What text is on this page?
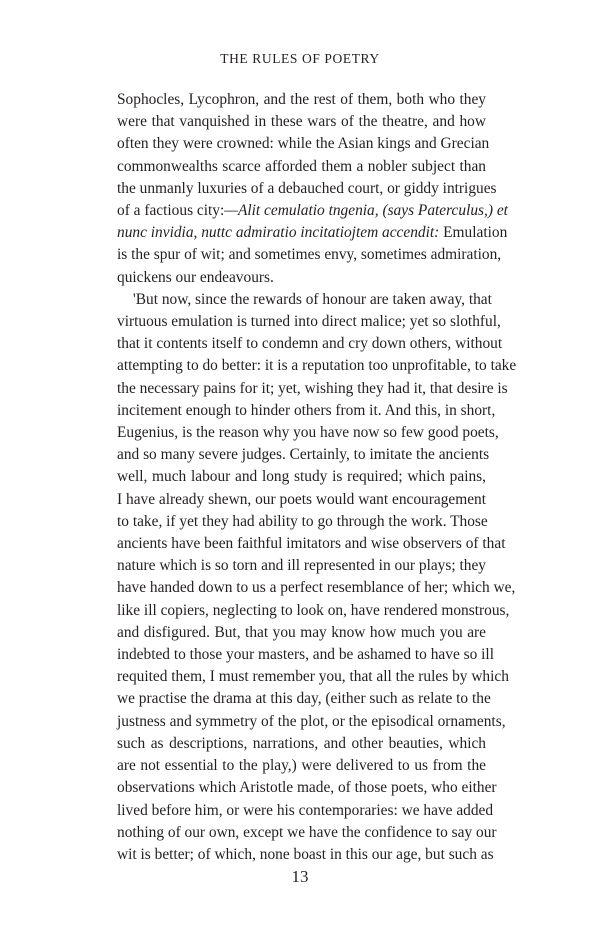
THE RULES OF POETRY

Sophocles, Lycophron, and the rest of them, both who they
were that vanquished in these wars of the theatre, and how
often they were crowned: while the Asian kings and Grecian
commonwealths scarce afforded them a nobler subject than
the unmanly luxuries of a debauched court, or giddy intrigues
of a factious city:—Alit cemulatio tngenia, (says Paterculus,) et
nunc invidia, nuttc admiratio incitatiojtem accendit: Emulation
is the spur of wit; and sometimes envy, sometimes admiration,
quickens our endeavours.

'But now, since the rewards of honour are taken away, that
virtuous emulation is turned into direct malice; yet so slothful,
that it contents itself to condemn and cry down others, without
attempting to do better: it is a reputation too unprofitable, to take
the necessary pains for it; yet, wishing they had it, that desire is
incitement enough to hinder others from it. And this, in short,
Eugenius, is the reason why you have now so few good poets,
and so many severe judges. Certainly, to imitate the ancients
well, much labour and long study is required; which pains,
I have already shewn, our poets would want encouragement
to take, if yet they had ability to go through the work. Those
ancients have been faithful imitators and wise observers of that
nature which is so torn and ill represented in our plays; they
have handed down to us a perfect resemblance of her; which we,
like ill copiers, neglecting to look on, have rendered monstrous,
and disfigured. But, that you may know how much you are
indebted to those your masters, and be ashamed to have so ill
requited them, I must remember you, that all the rules by which
we practise the drama at this day, (either such as relate to the
justness and symmetry of the plot, or the episodical ornaments,
such as descriptions, narrations, and other beauties, which
are not essential to the play,) were delivered to us from the
observations which Aristotle made, of those poets, who either
lived before him, or were his contemporaries: we have added
nothing of our own, except we have the confidence to say our
wit is better; of which, none boast in this our age, but such as

13
